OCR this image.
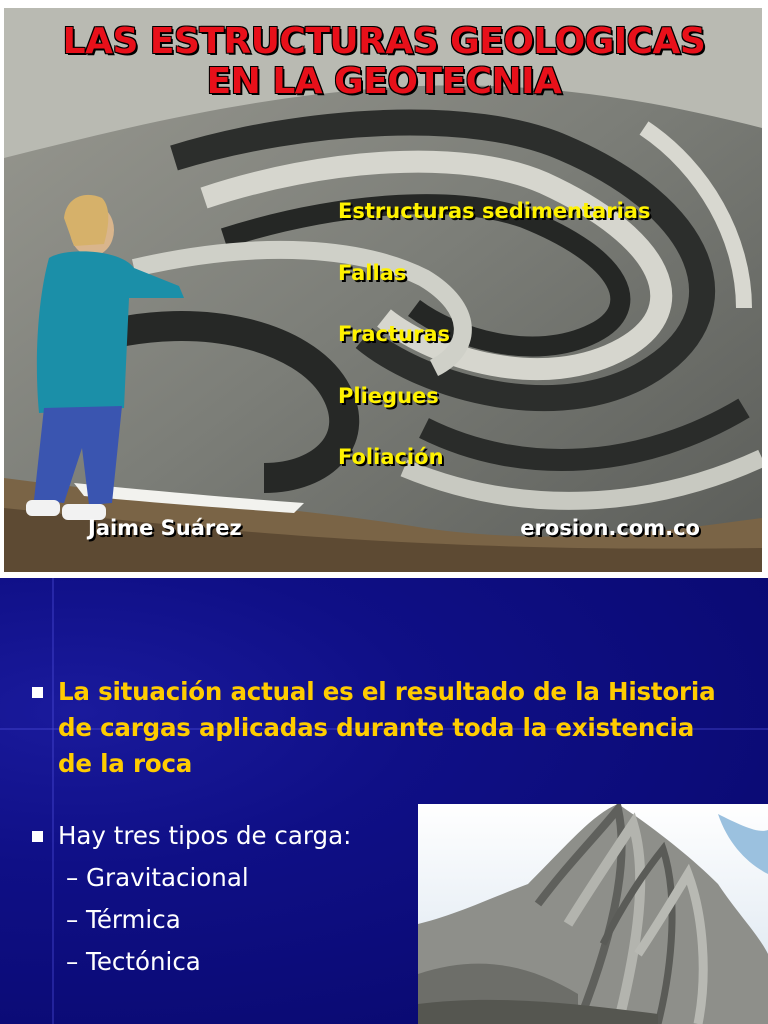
LAS ESTRUCTURAS GEOLOGICAS
EN LA GEOTECNIA
Estructuras sedimentarias
Fallas
Fracturas
Pliegues
Foliación
Jaime Suárez	erosion.com.co
La situación actual es el resultado de la Historia de cargas aplicadas durante toda la existencia de la roca
Hay tres tipos de carga:
– Gravitacional
– Térmica
– Tectónica
